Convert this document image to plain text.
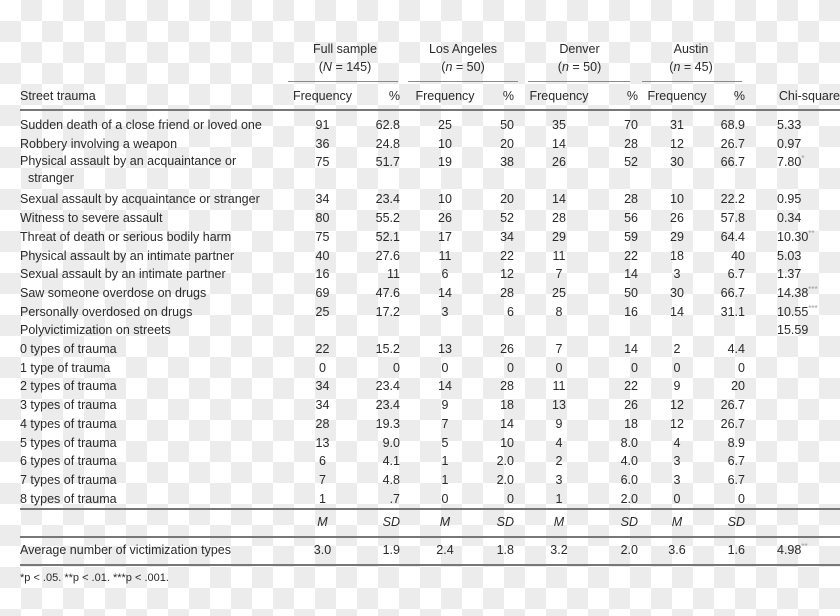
Full sample
(N = 145)
Los Angeles
(n = 50)
Denver
(n = 50)
Austin
(n = 45)
Street trauma	Frequency	%	Frequency	%	Frequency	%	Frequency	%	Chi-square
Sudden death of a close friend or loved one	91	62.8	25	50	35	70	31	68.9	5.33
Robbery involving a weapon	36	24.8	10	20	14	28	12	26.7	0.97

Physical assault by an acquaintance or
stranger	75	51.7	19	38	26	52	30	66.7	7.80*
Sexual assault by acquaintance or stranger	34	23.4	10	20	14	28	10	22.2	0.95
Witness to severe assault	80	55.2	26	52	28	56	26	57.8	0.34
Threat of death or serious bodily harm	75	52.1	17	34	29	59	29	64.4	10.30**
Physical assault by an intimate partner	40	27.6	11	22	11	22	18	40	5.03
Sexual assault by an intimate partner	16	11	6	12	7	14	3	6.7	1.37
Saw someone overdose on drugs	69	47.6	14	28	25	50	30	66.7	14.38***
Personally overdosed on drugs	25	17.2	3	6	8	16	14	31.1	10.55***
Polyvictimization on streets									15.59
0 types of trauma	22	15.2	13	26	7	14	2	4.4	
1 type of trauma	0	0	0	0	0	0	0	0	
2 types of trauma	34	23.4	14	28	11	22	9	20	
3 types of trauma	34	23.4	9	18	13	26	12	26.7	
4 types of trauma	28	19.3	7	14	9	18	12	26.7	
5 types of trauma	13	9.0	5	10	4	8.0	4	8.9	
6 types of trauma	6	4.1	1	2.0	2	4.0	3	6.7	
7 types of trauma	7	4.8	1	2.0	3	6.0	3	6.7	
8 types of trauma	1	.7	0	0	1	2.0	0	0	
	M	SD	M	SD	M	SD	M	SD
Average number of victimization types	3.0	1.9	2.4	1.8	3.2	2.0	3.6	1.6	4.98**
*p < .05. **p < .01. ***p < .001.
